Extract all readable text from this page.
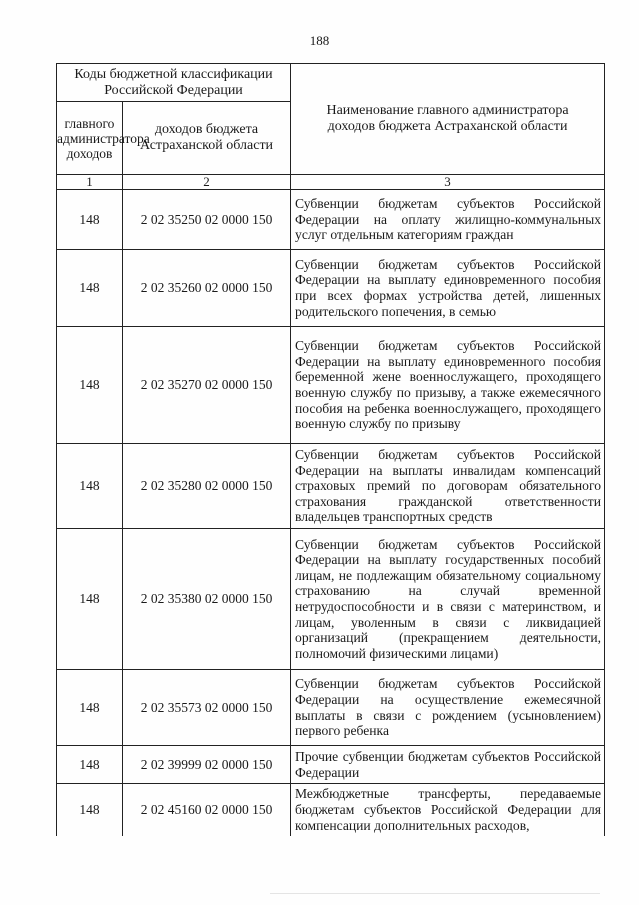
188
Коды бюджетной классификации Российской Федерации		Наименование главного администратора доходов бюджета Астраханской области
главного администратора доходов	доходов бюджета Астраханской области	
1	2	3
148	2 02 35250 02 0000 150	Субвенции бюджетам субъектов Российской Федерации на оплату жилищно-коммунальных услуг отдельным категориям граждан
148	2 02 35260 02 0000 150	Субвенции бюджетам субъектов Российской Федерации на выплату единовременного пособия при всех формах устройства детей, лишенных родительского попечения, в семью
148	2 02 35270 02 0000 150	Субвенции бюджетам субъектов Российской Федерации на выплату единовременного пособия беременной жене военнослужащего, проходящего военную службу по призыву, а также ежемесячного пособия на ребенка военнослужащего, проходящего военную службу по призыву
148	2 02 35280 02 0000 150	Субвенции бюджетам субъектов Российской Федерации на выплаты инвалидам компенсаций страховых премий по договорам обязательного страхования гражданской ответственности владельцев транспортных средств
148	2 02 35380 02 0000 150	Субвенции бюджетам субъектов Российской Федерации на выплату государственных пособий лицам, не подлежащим обязательному социальному страхованию на случай временной нетрудоспособности и в связи с материнством, и лицам, уволенным в связи с ликвидацией организаций (прекращением деятельности, полномочий физическими лицами)
148	2 02 35573 02 0000 150	Субвенции бюджетам субъектов Российской Федерации на осуществление ежемесячной выплаты в связи с рождением (усыновлением) первого ребенка
148	2 02 39999 02 0000 150	Прочие субвенции бюджетам субъектов Российской Федерации
148	2 02 45160 02 0000 150	Межбюджетные трансферты, передаваемые бюджетам субъектов Российской Федерации для компенсации дополнительных расходов,
